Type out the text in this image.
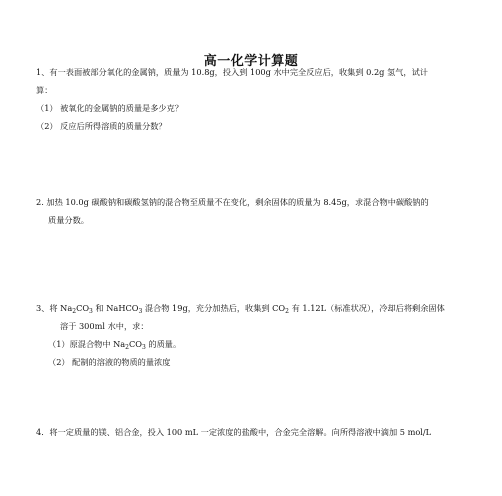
高一化学计算题
1、有一表面被部分氧化的金属钠，质量为 10.8g，投入到 100g 水中完全反应后，收集到 0.2g 氢气，试计
算：
（1） 被氧化的金属钠的质量是多少克？
（2） 反应后所得溶质的质量分数？
2. 加热 10.0g 碳酸钠和碳酸氢钠的混合物至质量不在变化，剩余固体的质量为 8.45g，求混合物中碳酸钠的
质量分数。
3、将 $Na_2CO_3$ 和 NaHCO$_3$ 混合物 19g，充分加热后，收集到 $CO_2$ 有 1.12L（标准状况），冷却后将剩余固体
溶于 300ml 水中，求：
（1）原混合物中 $Na_2CO_3$ 的质量。
（2） 配制的溶液的物质的量浓度
4．将一定质量的镁、铝合金，投入 100 mL 一定浓度的盐酸中，合金完全溶解。向所得溶液中滴加 5 mol/L
